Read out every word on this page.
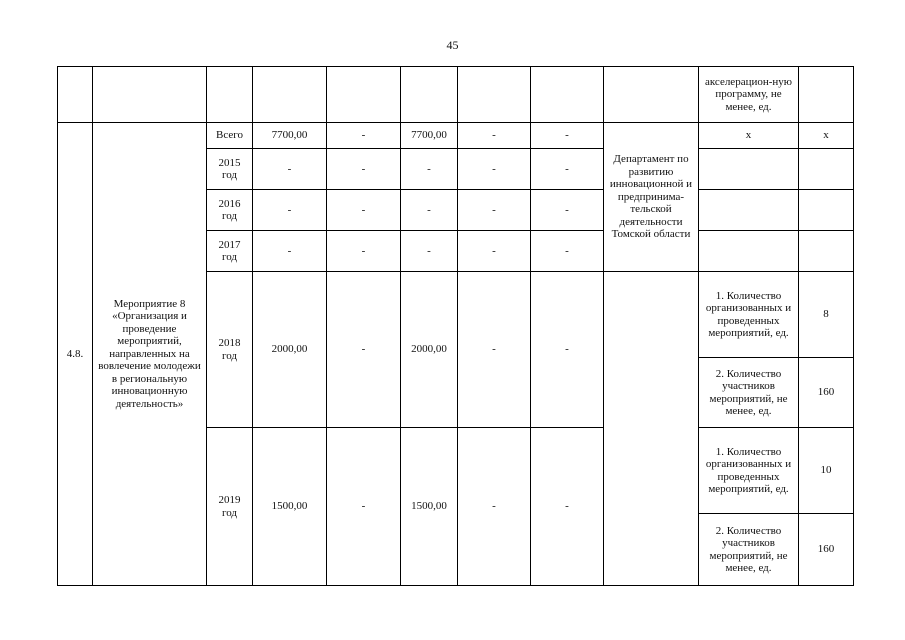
45
									акселерацион-ную программу, не менее, ед.	
4.8.	Мероприятие 8 «Организация и проведение мероприятий, направленных на вовлечение молодежи в региональную инновационную деятельность»	Всего	7700,00	-	7700,00	-	-	Департамент по развитию инновационной и предпринима-тельской деятельности Томской области	x	x
		2015 год	-	-	-	-	-			
		2016 год	-	-	-	-	-			
		2017 год	-	-	-	-	-			
		2018 год	2000,00	-	2000,00	-	-		1. Количество организованных и проведенных мероприятий, ед.	8
									2. Количество участников мероприятий, не менее, ед.	160
		2019 год	1500,00	-	1500,00	-	-		1. Количество организованных и проведенных мероприятий, ед.	10
									2. Количество участников мероприятий, не менее, ед.	160
